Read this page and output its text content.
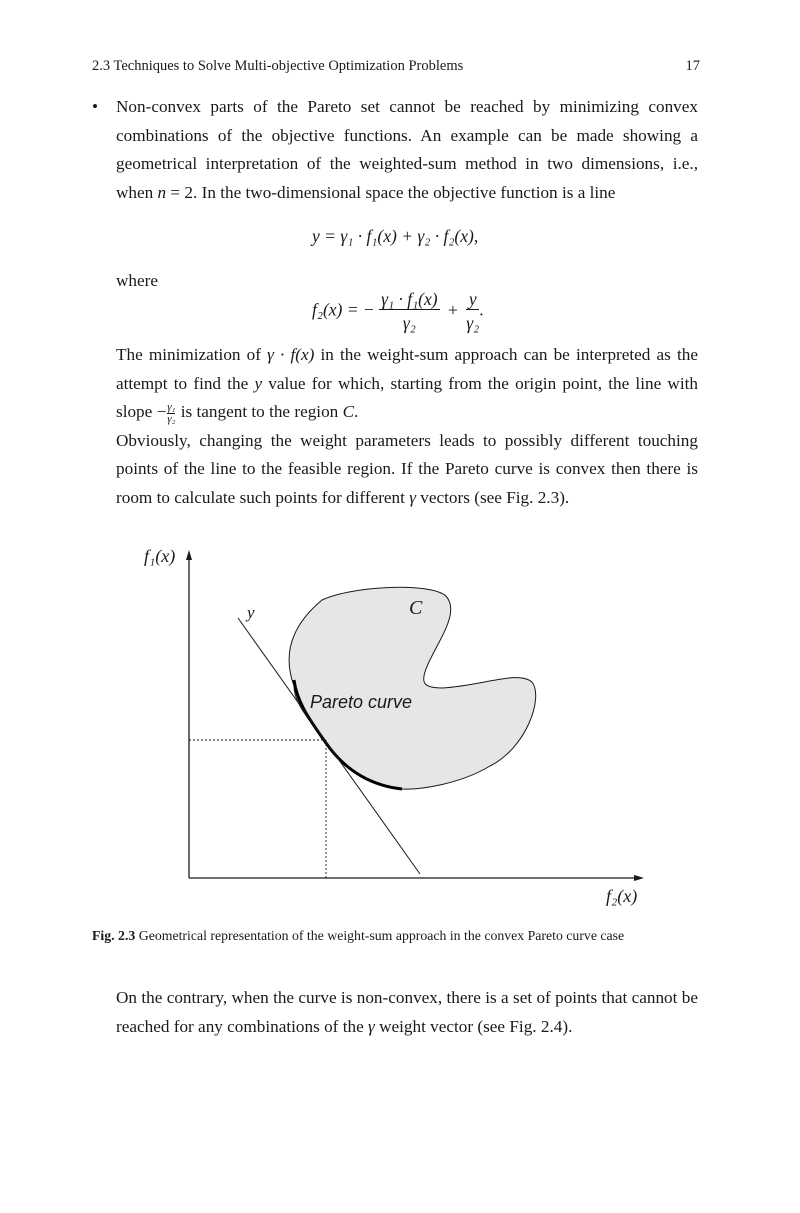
2.3 Techniques to Solve Multi-objective Optimization Problems	17
• Non-convex parts of the Pareto set cannot be reached by minimizing convex combinations of the objective functions. An example can be made showing a geometrical interpretation of the weighted-sum method in two dimensions, i.e., when n = 2. In the two-dimensional space the objective function is a line

y = γ₁ · f₁(x) + γ₂ · f₂(x),
where
f₂(x) = − $\frac{\text{γ₁ · f₁(x)}}{\text{γ₂}} + \frac{y}{\text{γ₂}}$ .

The minimization of γ · f(x) in the weight-sum approach can be interpreted as the attempt to find the y value for which, starting from the origin point, the line with slope − $\frac{\text{γ₁}}{\text{γ₂}}$ is tangent to the region C.

Obviously, changing the weight parameters leads to possibly different touching points of the line to the feasible region. If the Pareto curve is convex then there is room to calculate such points for different γ vectors (see Fig. 2.3).

f₁(x)
f₂(x)
y	C
Pareto curve
Fig. 2.3 Geometrical representation of the weight-sum approach in the convex Pareto curve case

On the contrary, when the curve is non-convex, there is a set of points that cannot be reached for any combinations of the γ weight vector (see Fig. 2.4).
